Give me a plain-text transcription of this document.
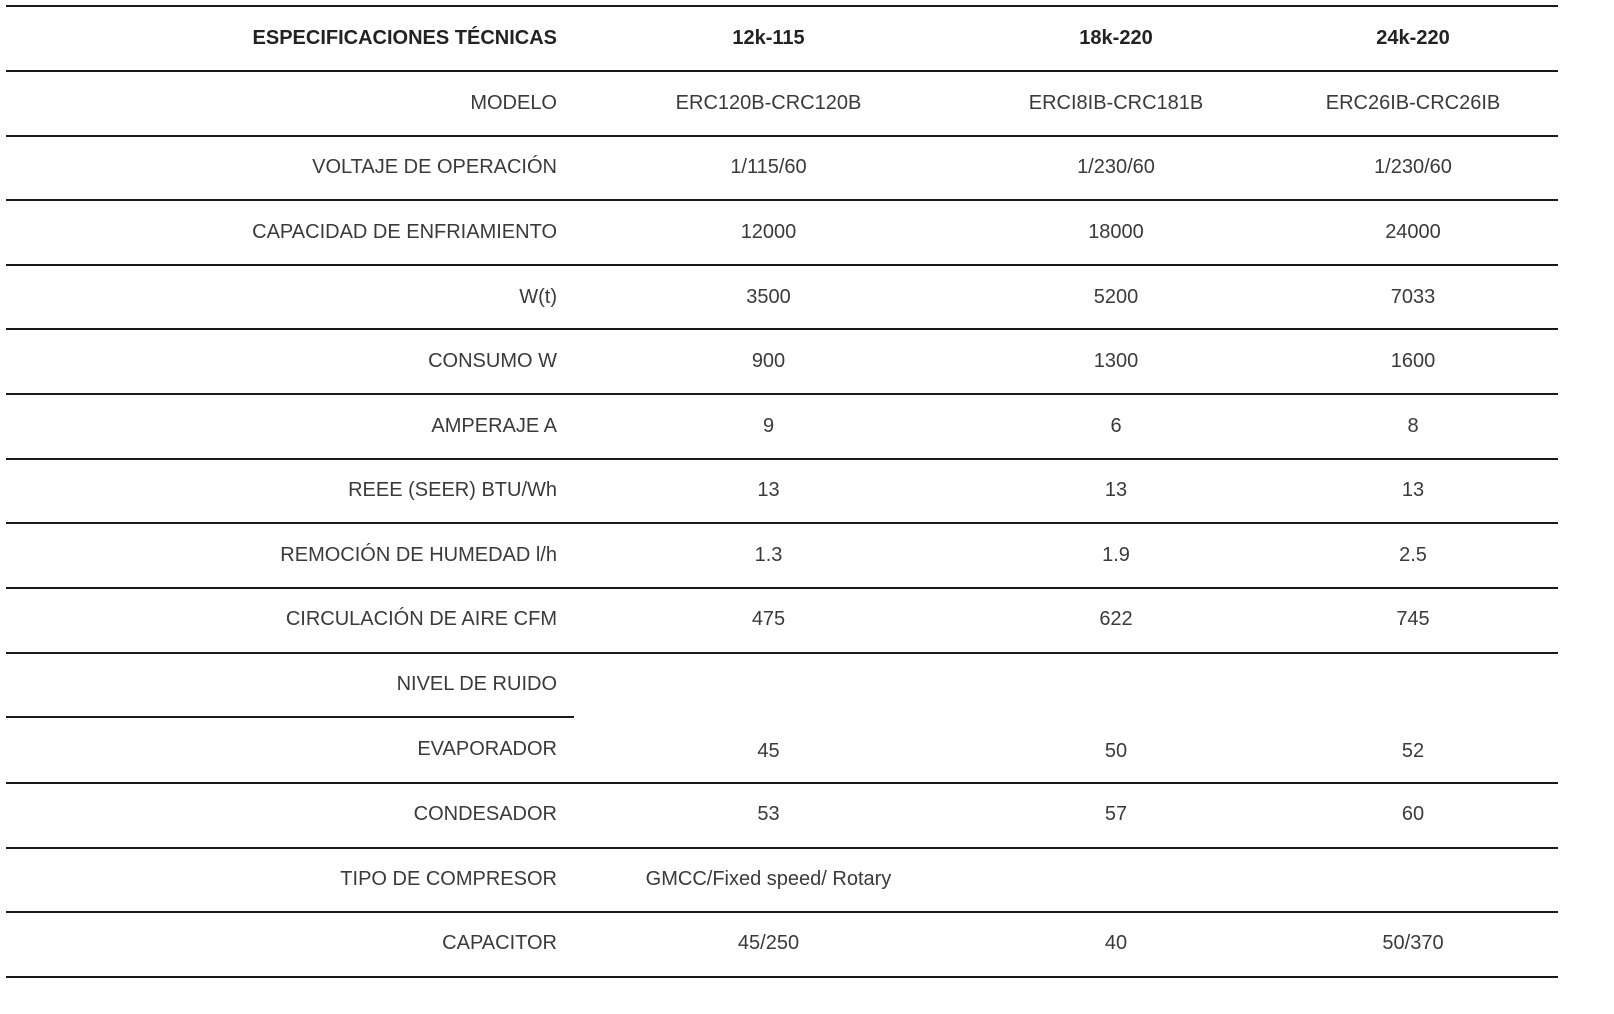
ESPECIFICACIONES TÉCNICAS	12k-115	18k-220	24k-220
MODELO	ERC120B-CRC120B	ERCI8IB-CRC181B	ERC26IB-CRC26IB
VOLTAJE DE OPERACIÓN	1/115/60	1/230/60	1/230/60
CAPACIDAD DE ENFRIAMIENTO	12000	18000	24000
W(t)	3500	5200	7033
CONSUMO W	900	1300	1600
AMPERAJE A	9	6	8
REEE (SEER) BTU/Wh	13	13	13
REMOCIÓN DE HUMEDAD l/h	1.3	1.9	2.5
CIRCULACIÓN DE AIRE CFM	475	622	745
NIVEL DE RUIDO
EVAPORADOR	45	50	52
CONDESADOR	53	57	60
TIPO DE COMPRESOR	GMCC/Fixed speed/ Rotary
CAPACITOR	45/250	40	50/370
